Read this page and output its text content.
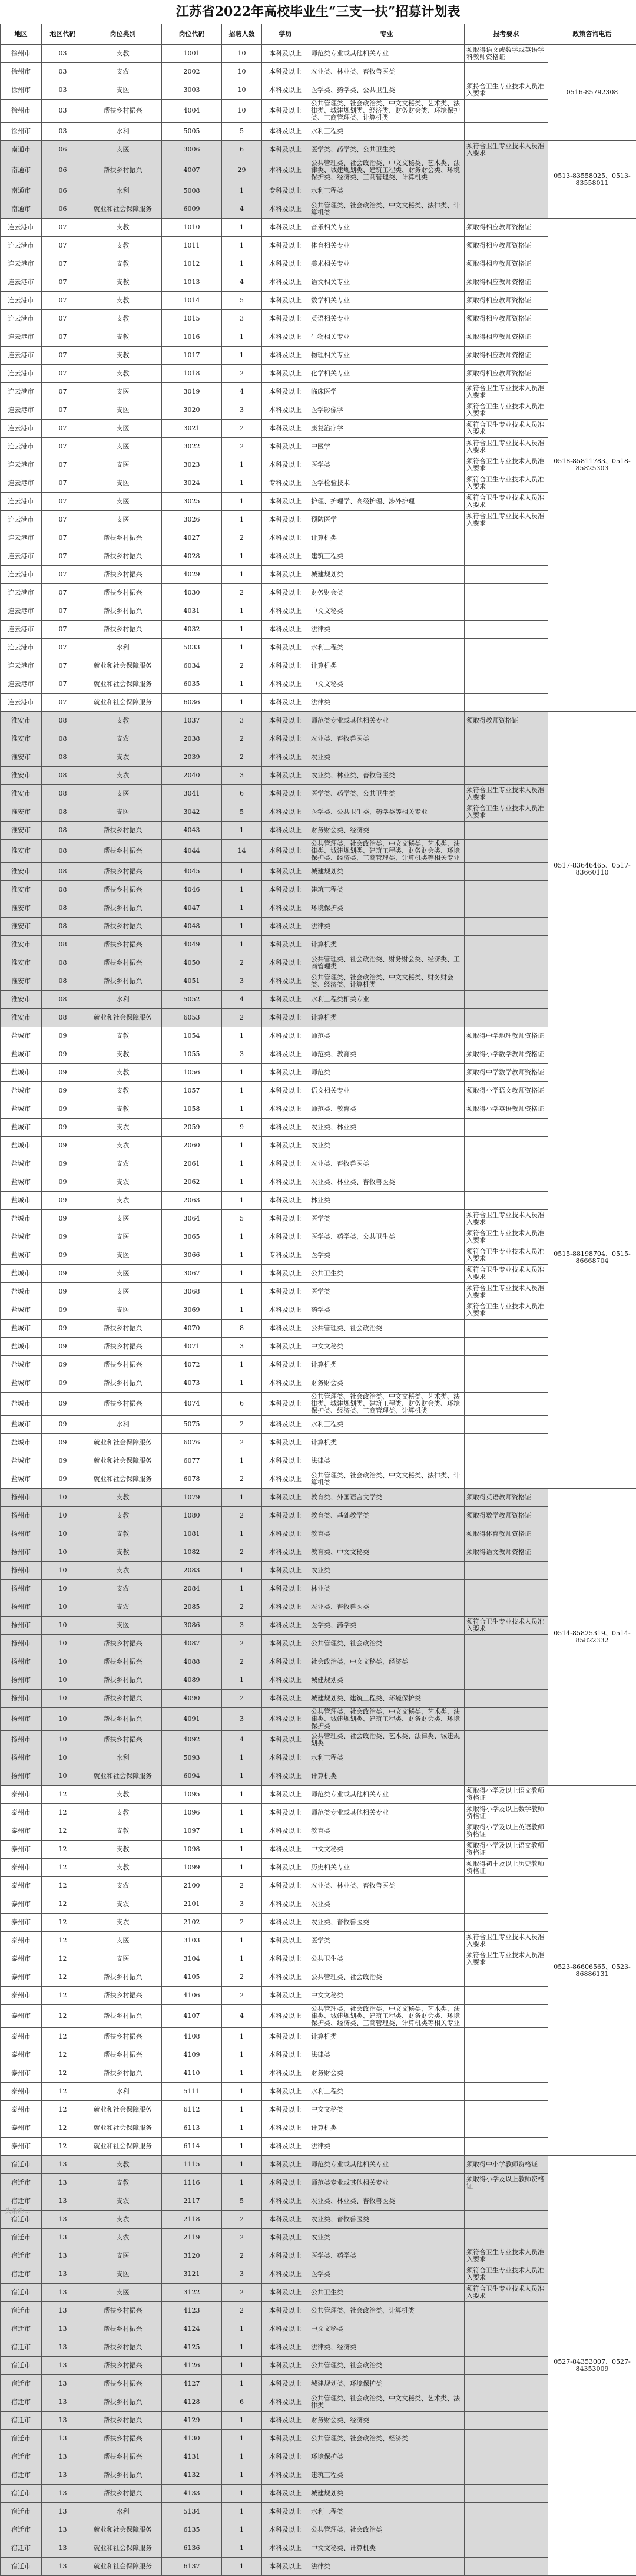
江苏省2022年高校毕业生“三支一扶”招募计划表
地区	地区代码	岗位类别	岗位代码	招聘人数	学历	专业	报考要求	政策咨询电话
徐州市	03	支教	1001	10	本科及以上	师范类专业或其他相关专业	须取得语文或数学或英语学科教师资格证	0516-85792308
徐州市	03	支农	2002	10	本科及以上	农业类、林业类、畜牧兽医类		
徐州市	03	支医	3003	10	本科及以上	医学类、药学类、公共卫生类	须持合卫生专业技术人员准入要求	
徐州市	03	帮扶乡村振兴	4004	10	本科及以上	公共管理类、社会政治类、中文文秘类、艺术类、法律类、城建规划类、经济类、财务财会类、环境保护类、工商管理类、计算机类		
徐州市	03	水利	5005	5	本科及以上	水利工程类		
南通市	06	支医	3006	6	本科及以上	医学类、药学类、公共卫生类	须符合卫生专业技术人员准入要求	0513-83558025、0513-83558011
南通市	06	帮扶乡村振兴	4007	29	本科及以上	公共管理类、社会政治类、中文文秘类、艺术类、法律类、城建规划类、建筑工程类、财务财会类、环境保护类、经济类、工商管理类、计算机类		
南通市	06	水利	5008	1	专科及以上	水利工程类		
南通市	06	就业和社会保障服务	6009	4	本科及以上	公共管理类、社会政治类、中文文秘类、法律类、计算机类		
连云港市	07	支教	1010	1	本科及以上	音乐相关专业	须取得相应教师资格证	0518-85811783、0518-85825303
连云港市	07	支教	1011	1	本科及以上	体育相关专业	须取得相应教师资格证	
连云港市	07	支教	1012	1	本科及以上	美术相关专业	须取得相应教师资格证	
连云港市	07	支教	1013	4	本科及以上	语文相关专业	须取得相应教师资格证	
连云港市	07	支教	1014	5	本科及以上	数学相关专业	须取得相应教师资格证	
连云港市	07	支教	1015	3	本科及以上	英语相关专业	须取得相应教师资格证	
连云港市	07	支教	1016	1	本科及以上	生物相关专业	须取得相应教师资格证	
连云港市	07	支教	1017	1	本科及以上	物理相关专业	须取得相应教师资格证	
连云港市	07	支教	1018	2	本科及以上	化学相关专业	须取得相应教师资格证	
连云港市	07	支医	3019	4	本科及以上	临床医学	须符合卫生专业技术人员准入要求	
连云港市	07	支医	3020	3	本科及以上	医学影像学	须符合卫生专业技术人员准入要求	
连云港市	07	支医	3021	2	本科及以上	康复治疗学	须符合卫生专业技术人员准入要求	
连云港市	07	支医	3022	2	本科及以上	中医学	须符合卫生专业技术人员准入要求	
连云港市	07	支医	3023	1	本科及以上	医学类	须符合卫生专业技术人员准入要求	
连云港市	07	支医	3024	1	专科及以上	医学检验技术	须符合卫生专业技术人员准入要求	
连云港市	07	支医	3025	1	本科及以上	护理、护理学、高级护理、涉外护理	须符合卫生专业技术人员准入要求	
连云港市	07	支医	3026	1	本科及以上	预防医学	须符合卫生专业技术人员准入要求	
连云港市	07	帮扶乡村振兴	4027	2	本科及以上	计算机类		
连云港市	07	帮扶乡村振兴	4028	1	本科及以上	建筑工程类		
连云港市	07	帮扶乡村振兴	4029	1	本科及以上	城建规划类		
连云港市	07	帮扶乡村振兴	4030	2	本科及以上	财务财会类		
连云港市	07	帮扶乡村振兴	4031	1	本科及以上	中文文秘类		
连云港市	07	帮扶乡村振兴	4032	1	本科及以上	法律类		
连云港市	07	水利	5033	1	本科及以上	水利工程类		
连云港市	07	就业和社会保障服务	6034	2	本科及以上	计算机类		
连云港市	07	就业和社会保障服务	6035	1	本科及以上	中文文秘类		
连云港市	07	就业和社会保障服务	6036	1	本科及以上	法律类		
淮安市	08	支教	1037	3	本科及以上	师范类专业或其他相关专业	须取得教师资格证	0517-83646465、0517-83660110
淮安市	08	支农	2038	2	本科及以上	农业类、畜牧兽医类		
淮安市	08	支农	2039	2	本科及以上	农业类		
淮安市	08	支农	2040	3	本科及以上	农业类、林业类、畜牧兽医类		
淮安市	08	支医	3041	6	本科及以上	医学类、药学类、公共卫生类	须符合卫生专业技术人员准入要求	
淮安市	08	支医	3042	5	本科及以上	医学类、公共卫生类、药学类等相关专业	须符合卫生专业技术人员准入要求	
淮安市	08	帮扶乡村振兴	4043	1	本科及以上	财务财会类、经济类		
淮安市	08	帮扶乡村振兴	4044	14	本科及以上	公共管理类、社会政治类、中文文秘类、艺术类、法律类、城建规划类、建筑工程类、财务财会类、环境保护类、经济类、工商管理类、计算机类等相关专业		
淮安市	08	帮扶乡村振兴	4045	1	本科及以上	城建规划类		
淮安市	08	帮扶乡村振兴	4046	1	本科及以上	建筑工程类		
淮安市	08	帮扶乡村振兴	4047	1	本科及以上	环境保护类		
淮安市	08	帮扶乡村振兴	4048	1	本科及以上	法律类		
淮安市	08	帮扶乡村振兴	4049	1	本科及以上	计算机类		
淮安市	08	帮扶乡村振兴	4050	2	本科及以上	公共管理类、社会政治类、财务财会类、经济类、工商管理类		
淮安市	08	帮扶乡村振兴	4051	3	本科及以上	公共管理类、社会政治类、中文文秘类、财务财会类、经济类、计算机类		
淮安市	08	水利	5052	4	本科及以上	水利工程类相关专业		
淮安市	08	就业和社会保障服务	6053	2	本科及以上	计算机类		
盐城市	09	支教	1054	1	本科及以上	师范类	须取得中学地理教师资格证	0515-88198704、0515-86668704
盐城市	09	支教	1055	3	本科及以上	师范类、教育类	须取得小学数学教师资格证	
盐城市	09	支教	1056	1	本科及以上	师范类	须取得中学数学教师资格证	
盐城市	09	支教	1057	1	本科及以上	语文相关专业	须取得小学语文教师资格证	
盐城市	09	支教	1058	1	本科及以上	师范类、教育类	须取得小学英语教师资格证	
盐城市	09	支农	2059	9	本科及以上	农业类、林业类		
盐城市	09	支农	2060	1	本科及以上	农业类		
盐城市	09	支农	2061	1	本科及以上	农业类、畜牧兽医类		
盐城市	09	支农	2062	1	本科及以上	农业类、林业类、畜牧兽医类		
盐城市	09	支农	2063	1	本科及以上	林业类		
盐城市	09	支医	3064	5	本科及以上	医学类	须符合卫生专业技术人员准入要求	
盐城市	09	支医	3065	1	本科及以上	医学类、药学类、公共卫生类	须符合卫生专业技术人员准入要求	
盐城市	09	支医	3066	1	专科及以上	医学类	须符合卫生专业技术人员准入要求	
盐城市	09	支医	3067	1	本科及以上	公共卫生类	须符合卫生专业技术人员准入要求	
盐城市	09	支医	3068	1	本科及以上	医学类	须符合卫生专业技术人员准入要求	
盐城市	09	支医	3069	1	本科及以上	药学类	须符合卫生专业技术人员准入要求	
盐城市	09	帮扶乡村振兴	4070	8	本科及以上	公共管理类、社会政治类		
盐城市	09	帮扶乡村振兴	4071	3	本科及以上	中文文秘类		
盐城市	09	帮扶乡村振兴	4072	1	本科及以上	计算机类		
盐城市	09	帮扶乡村振兴	4073	1	本科及以上	财务财会类		
盐城市	09	帮扶乡村振兴	4074	6	本科及以上	公共管理类、社会政治类、中文文秘类、艺术类、法律类、城建规划类、建筑工程类、财务财会类、环境保护类、经济类、工商管理类、计算机类		
盐城市	09	水利	5075	2	本科及以上	水利工程类		
盐城市	09	就业和社会保障服务	6076	2	本科及以上	计算机类		
盐城市	09	就业和社会保障服务	6077	1	本科及以上	法律类		
盐城市	09	就业和社会保障服务	6078	2	本科及以上	公共管理类、社会政治类、中文文秘类、法律类、计算机类		
扬州市	10	支教	1079	1	本科及以上	教育类、外国语言文学类	须取得英语教师资格证	0514-85825319、0514-85822332
扬州市	10	支教	1080	2	本科及以上	教育类、基础教学类	须取得数学教师资格证	
扬州市	10	支教	1081	1	本科及以上	教育类	须取得体育教师资格证	
扬州市	10	支教	1082	2	本科及以上	教育类、中文文秘类	须取得语文教师资格证	
扬州市	10	支农	2083	1	本科及以上	农业类		
扬州市	10	支农	2084	1	本科及以上	林业类		
扬州市	10	支农	2085	2	本科及以上	农业类、畜牧兽医类		
扬州市	10	支医	3086	3	本科及以上	医学类、药学类	须符合卫生专业技术人员准入要求	
扬州市	10	帮扶乡村振兴	4087	2	本科及以上	公共管理类、社会政治类		
扬州市	10	帮扶乡村振兴	4088	2	本科及以上	社会政治类、中文文秘类、经济类		
扬州市	10	帮扶乡村振兴	4089	1	本科及以上	城建规划类		
扬州市	10	帮扶乡村振兴	4090	2	本科及以上	城建规划类、建筑工程类、环境保护类		
扬州市	10	帮扶乡村振兴	4091	3	本科及以上	公共管理类、社会政治类、中文文秘类、艺术类、法律类、城建规划类、建筑工程类、财务财会类、环境保护类		
扬州市	10	帮扶乡村振兴	4092	4	本科及以上	公共管理类、社会政治类、艺术类、法律类、城建规划类		
扬州市	10	水利	5093	1	本科及以上	水利工程类		
扬州市	10	就业和社会保障服务	6094	1	本科及以上	计算机类		
泰州市	12	支教	1095	1	本科及以上	师范类专业或其他相关专业	须取得小学及以上语文教师资格证	0523-86606565、0523-86886131
泰州市	12	支教	1096	1	本科及以上	师范类专业或其他相关专业	须取得小学及以上数学教师资格证	
泰州市	12	支教	1097	1	本科及以上	教育类	须取得小学及以上英语教师资格证	
泰州市	12	支教	1098	1	本科及以上	中文文秘类	须取得小学及以上语文教师资格证	
泰州市	12	支教	1099	1	本科及以上	历史相关专业	须取得初中及以上历史教师资格证	
泰州市	12	支农	2100	2	本科及以上	农业类、林业类、畜牧兽医类		
泰州市	12	支农	2101	3	本科及以上	农业类		
泰州市	12	支农	2102	2	本科及以上	农业类、畜牧兽医类		
泰州市	12	支医	3103	1	本科及以上	医学类	须符合卫生专业技术人员准入要求	
泰州市	12	支医	3104	1	本科及以上	公共卫生类	须符合卫生专业技术人员准入要求	
泰州市	12	帮扶乡村振兴	4105	2	本科及以上	公共管理类、社会政治类		
泰州市	12	帮扶乡村振兴	4106	2	本科及以上	中文文秘类		
泰州市	12	帮扶乡村振兴	4107	4	本科及以上	公共管理类、社会政治类、中文文秘类、艺术类、法律类、城建规划类、建筑工程类、财务财会类、环境保护类、经济类、工商管理类、计算机类等相关专业		
泰州市	12	帮扶乡村振兴	4108	1	本科及以上	计算机类		
泰州市	12	帮扶乡村振兴	4109	1	本科及以上	法律类		
泰州市	12	帮扶乡村振兴	4110	1	本科及以上	财务财会类		
泰州市	12	水利	5111	1	本科及以上	水利工程类		
泰州市	12	就业和社会保障服务	6112	1	本科及以上	中文文秘类		
泰州市	12	就业和社会保障服务	6113	1	本科及以上	计算机类		
泰州市	12	就业和社会保障服务	6114	1	本科及以上	法律类		
宿迁市	13	支教	1115	1	本科及以上	师范类专业或其他相关专业	须取得中小学教师资格证	0527-84353007、0527-84353009
宿迁市	13	支教	1116	1	本科及以上	师范类专业或其他相关专业	须取得小学及以上教师资格证	
宿迁市	13	支农	2117	5	本科及以上	农业类、林业类、畜牧兽医类		
宿迁市	13	支农	2118	2	本科及以上	农业类、畜牧兽医类		
宿迁市	13	支农	2119	2	本科及以上	农业类		
宿迁市	13	支医	3120	2	本科及以上	医学类、药学类	须符合卫生专业技术人员准入要求	
宿迁市	13	支医	3121	3	本科及以上	医学类	须符合卫生专业技术人员准入要求	
宿迁市	13	支医	3122	2	本科及以上	公共卫生类	须符合卫生专业技术人员准入要求	
宿迁市	13	帮扶乡村振兴	4123	2	本科及以上	公共管理类、社会政治类、计算机类		
宿迁市	13	帮扶乡村振兴	4124	1	本科及以上	中文文秘类		
宿迁市	13	帮扶乡村振兴	4125	1	本科及以上	法律类、经济类		
宿迁市	13	帮扶乡村振兴	4126	1	本科及以上	公共管理类、社会政治类		
宿迁市	13	帮扶乡村振兴	4127	1	本科及以上	城建规划类、环境保护类		
宿迁市	13	帮扶乡村振兴	4128	6	本科及以上	公共管理类、社会政治类、中文文秘类、艺术类、法律类		
宿迁市	13	帮扶乡村振兴	4129	1	本科及以上	财务财会类、经济类		
宿迁市	13	帮扶乡村振兴	4130	1	本科及以上	公共管理类、社会政治类、经济类		
宿迁市	13	帮扶乡村振兴	4131	1	本科及以上	环境保护类		
宿迁市	13	帮扶乡村振兴	4132	1	本科及以上	建筑工程类		
宿迁市	13	帮扶乡村振兴	4133	1	本科及以上	城建规划类		
宿迁市	13	水利	5134	1	本科及以上	水利工程类		
宿迁市	13	就业和社会保障服务	6135	1	本科及以上	公共管理类、社会政治类		
宿迁市	13	就业和社会保障服务	6136	1	本科及以上	中文文秘类、计算机类		
宿迁市	13	就业和社会保障服务	6137	1	本科及以上	法律类		
头条@...
